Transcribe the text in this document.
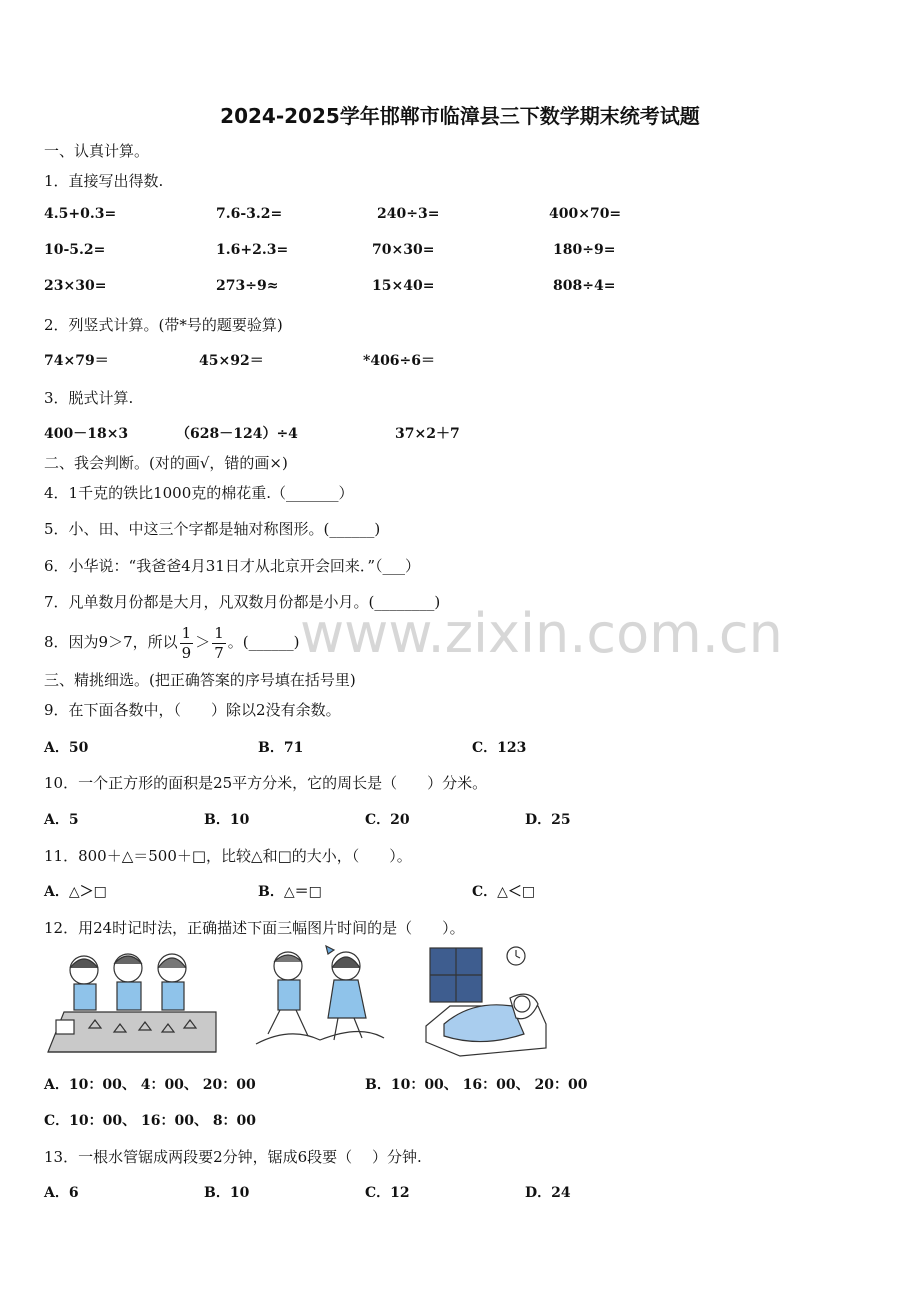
2024-2025学年邯郸市临漳县三下数学期末统考试题
www.zixin.com.cn
一、认真计算。
1．直接写出得数.
4.5+0.3=	7.6-3.2=	240÷3=	400×70=
10-5.2=	1.6+2.3=	70×30=	180÷9=
23×30=	273÷9≈	15×40=	808÷4=
2．列竖式计算。(带*号的题要验算)
74×79＝	45×92＝	*406÷6＝
3．脱式计算.
400－18×3	（628－124）÷4	37×2＋7
二、我会判断。(对的画√，错的画×)
4．1千克的铁比1000克的棉花重.（_______）
5．小、田、中这三个字都是轴对称图形。(______)
6．小华说：“我爸爸4月31日才从北京开会回来．”（___）
7．凡单数月份都是大月，凡双数月份都是小月。(________)
8．因为9＞7，所以 $\frac{1}{9} > \frac{1}{7}$ 。(______)
三、精挑细选。(把正确答案的序号填在括号里)
9．在下面各数中，（　　）除以2没有余数。
A．50	B．71	C．123
10．一个正方形的面积是25平方分米，它的周长是（　　）分米。
A．5	B．10	C．20	D．25
11．800＋△＝500＋□，比较△和□的大小，（　　）。
A．△＞□	B．△＝□	C．△＜□
12．用24时记时法，正确描述下面三幅图片时间的是（　　）。
A．10：00、 4：00、 20：00	B．10：00、 16：00、 20：00
C．10：00、 16：00、 8：00
13．一根水管锯成两段要2分钟，锯成6段要（　 ）分钟.
A．6	B．10	C．12	D．24
